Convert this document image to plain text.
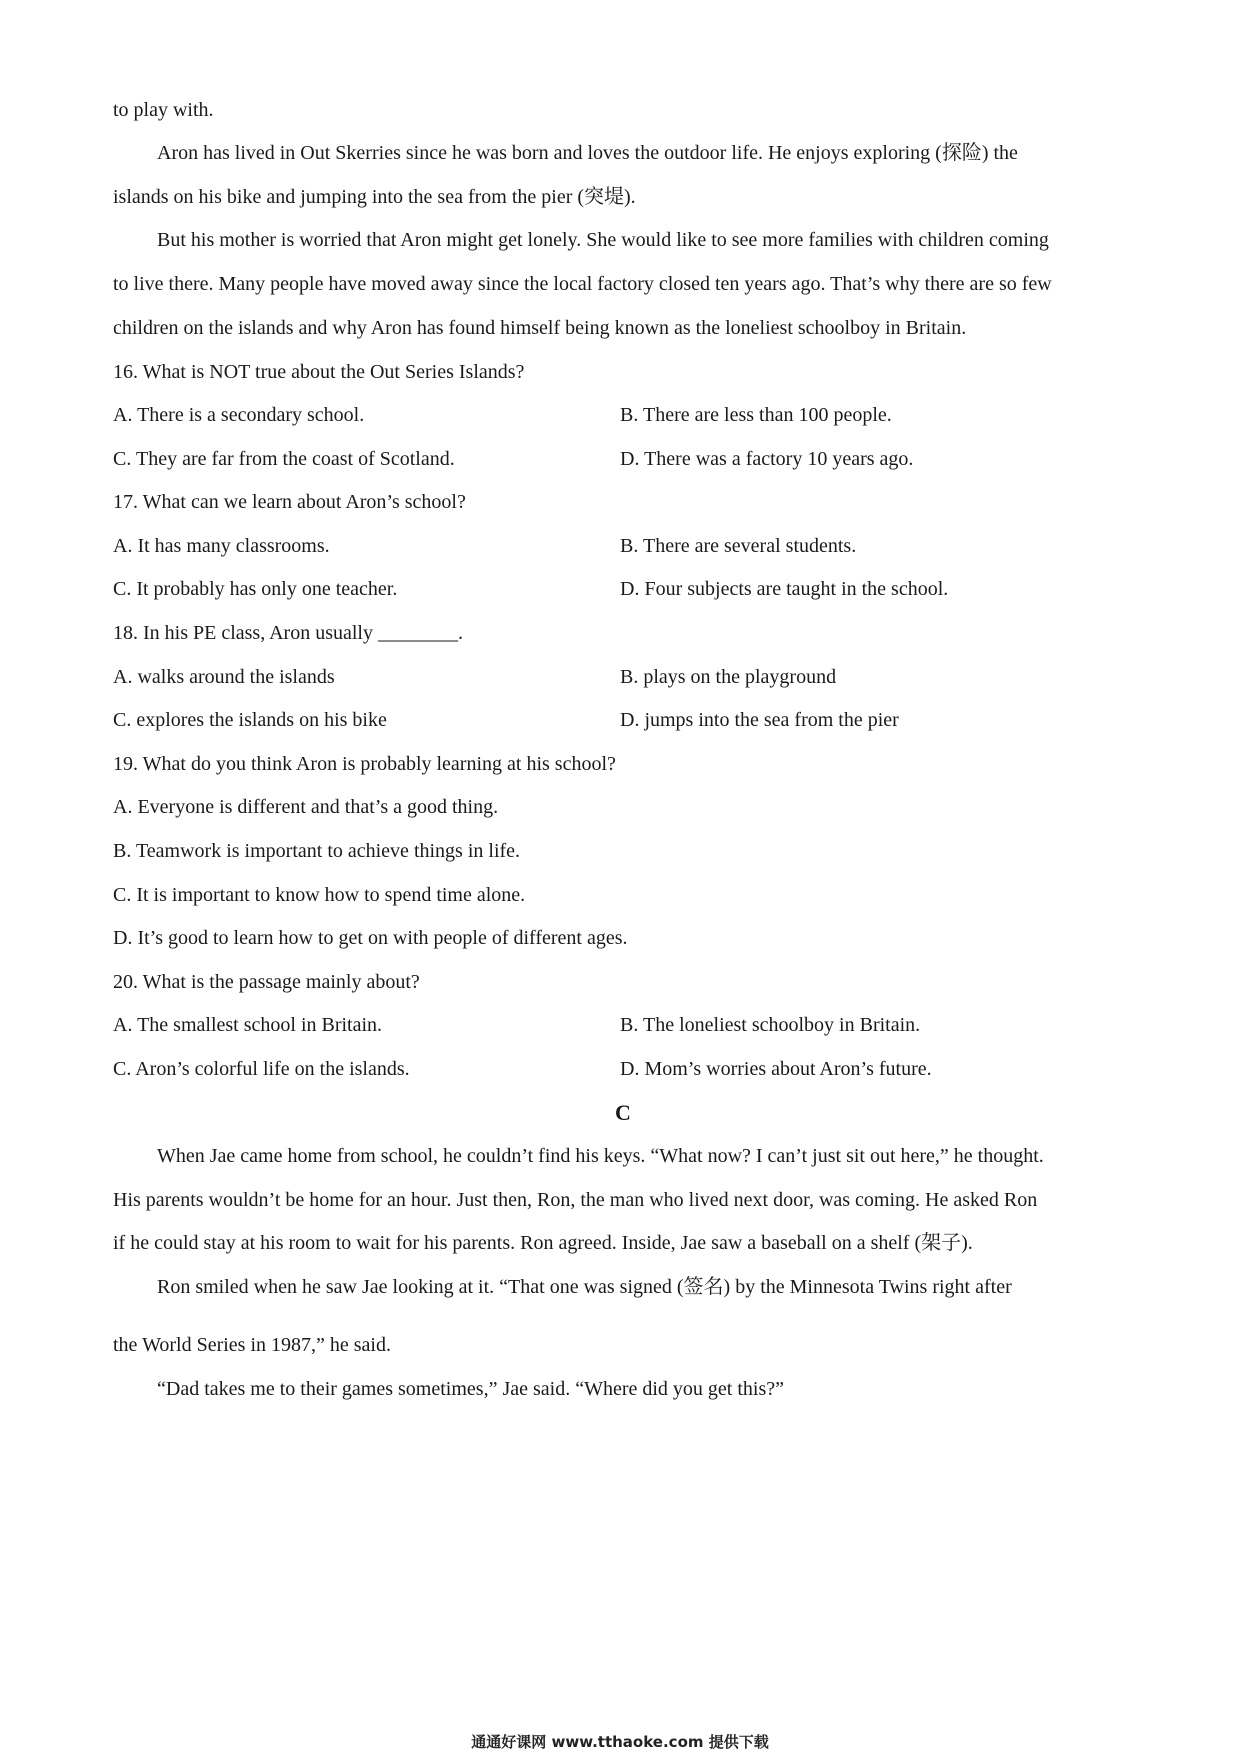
to play with.
Aron has lived in Out Skerries since he was born and loves the outdoor life. He enjoys exploring (探险) the
islands on his bike and jumping into the sea from the pier (突堤).
But his mother is worried that Aron might get lonely. She would like to see more families with children coming
to live there. Many people have moved away since the local factory closed ten years ago. That’s why there are so few
children on the islands and why Aron has found himself being known as the loneliest schoolboy in Britain.
16. What is NOT true about the Out Series Islands?
A. There is a secondary school.	B. There are less than 100 people.
C. They are far from the coast of Scotland.	D. There was a factory 10 years ago.
17. What can we learn about Aron’s school?
A. It has many classrooms.	B. There are several students.
C. It probably has only one teacher.	D. Four subjects are taught in the school.
18. In his PE class, Aron usually ________.
A. walks around the islands	B. plays on the playground
C. explores the islands on his bike	D. jumps into the sea from the pier
19. What do you think Aron is probably learning at his school?
A. Everyone is different and that’s a good thing.
B. Teamwork is important to achieve things in life.
C. It is important to know how to spend time alone.
D. It’s good to learn how to get on with people of different ages.
20. What is the passage mainly about?
A. The smallest school in Britain.	B. The loneliest schoolboy in Britain.
C. Aron’s colorful life on the islands.	D. Mom’s worries about Aron’s future.
C
When Jae came home from school, he couldn’t find his keys. “What now? I can’t just sit out here,” he thought.
His parents wouldn’t be home for an hour. Just then, Ron, the man who lived next door, was coming. He asked Ron
if he could stay at his room to wait for his parents. Ron agreed. Inside, Jae saw a baseball on a shelf (架子).
Ron smiled when he saw Jae looking at it. “That one was signed (签名) by the Minnesota Twins right after
the World Series in 1987,” he said.
“Dad takes me to their games sometimes,” Jae said. “Where did you get this?”
通通好课网 www.tthaoke.com 提供下载
